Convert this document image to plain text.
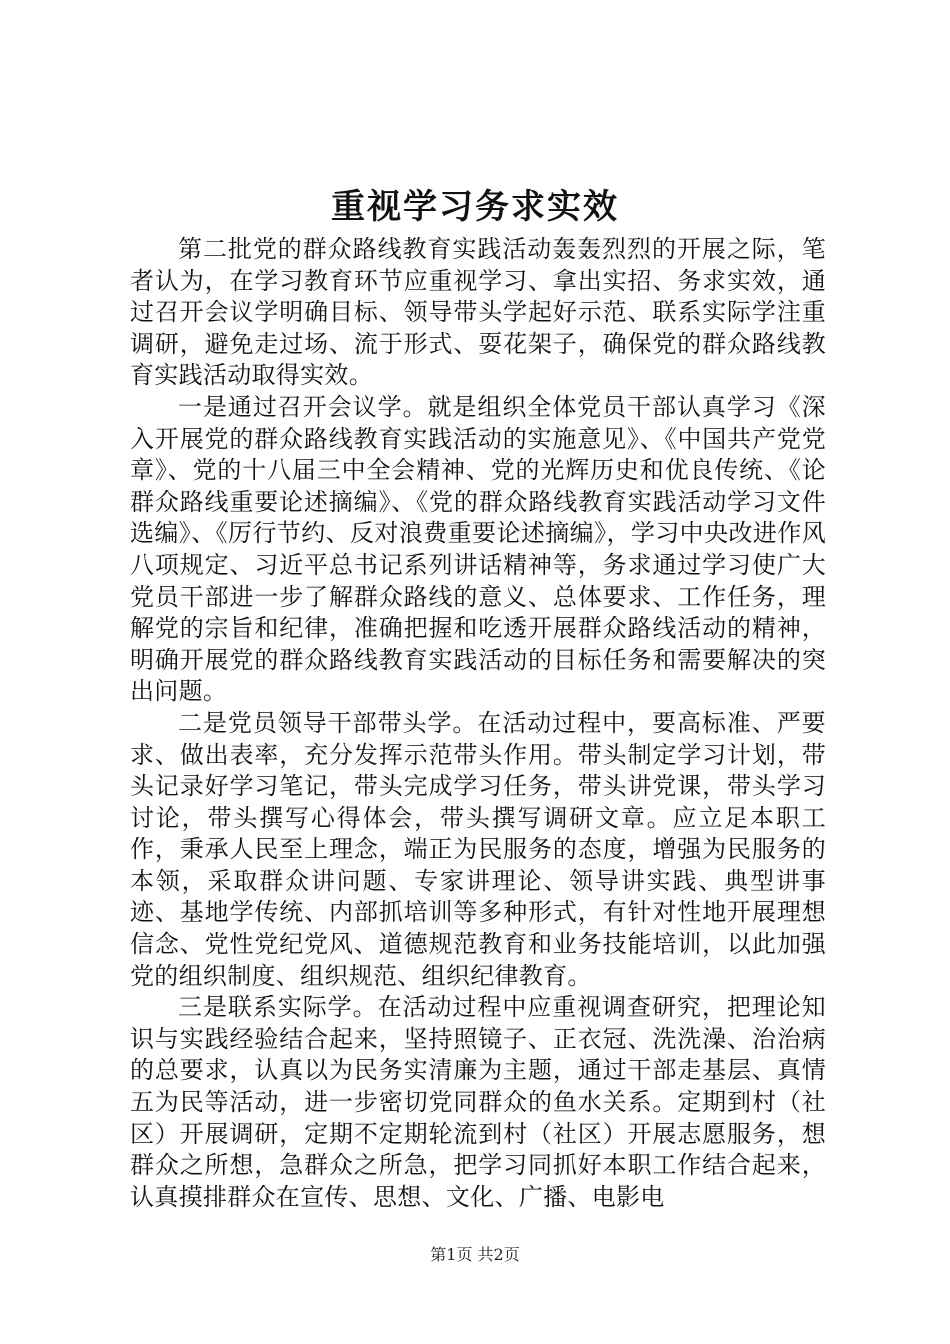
重视学习务求实效

第二批党的群众路线教育实践活动轰轰烈烈的开展之际，笔者认为，在学习教育环节应重视学习、拿出实招、务求实效，通过召开会议学明确目标、领导带头学起好示范、联系实际学注重调研，避免走过场、流于形式、耍花架子，确保党的群众路线教育实践活动取得实效。

一是通过召开会议学。就是组织全体党员干部认真学习《深入开展党的群众路线教育实践活动的实施意见》、《中国共产党党章》、党的十八届三中全会精神、党的光辉历史和优良传统、《论群众路线重要论述摘编》、《党的群众路线教育实践活动学习文件选编》、《厉行节约、反对浪费重要论述摘编》，学习中央改进作风八项规定、习近平总书记系列讲话精神等，务求通过学习使广大党员干部进一步了解群众路线的意义、总体要求、工作任务，理解党的宗旨和纪律，准确把握和吃透开展群众路线活动的精神，明确开展党的群众路线教育实践活动的目标任务和需要解决的突出问题。

二是党员领导干部带头学。在活动过程中，要高标准、严要求、做出表率，充分发挥示范带头作用。带头制定学习计划，带头记录好学习笔记，带头完成学习任务，带头讲党课，带头学习讨论，带头撰写心得体会，带头撰写调研文章。应立足本职工作，秉承人民至上理念，端正为民服务的态度，增强为民服务的本领，采取群众讲问题、专家讲理论、领导讲实践、典型讲事迹、基地学传统、内部抓培训等多种形式，有针对性地开展理想信念、党性党纪党风、道德规范教育和业务技能培训，以此加强党的组织制度、组织规范、组织纪律教育。

三是联系实际学。在活动过程中应重视调查研究，把理论知识与实践经验结合起来，坚持照镜子、正衣冠、洗洗澡、治治病的总要求，认真以为民务实清廉为主题，通过干部走基层、真情五为民等活动，进一步密切党同群众的鱼水关系。定期到村（社区）开展调研，定期不定期轮流到村（社区）开展志愿服务，想群众之所想，急群众之所急，把学习同抓好本职工作结合起来，认真摸排群众在宣传、思想、文化、广播、电影电

第1页 共2页
